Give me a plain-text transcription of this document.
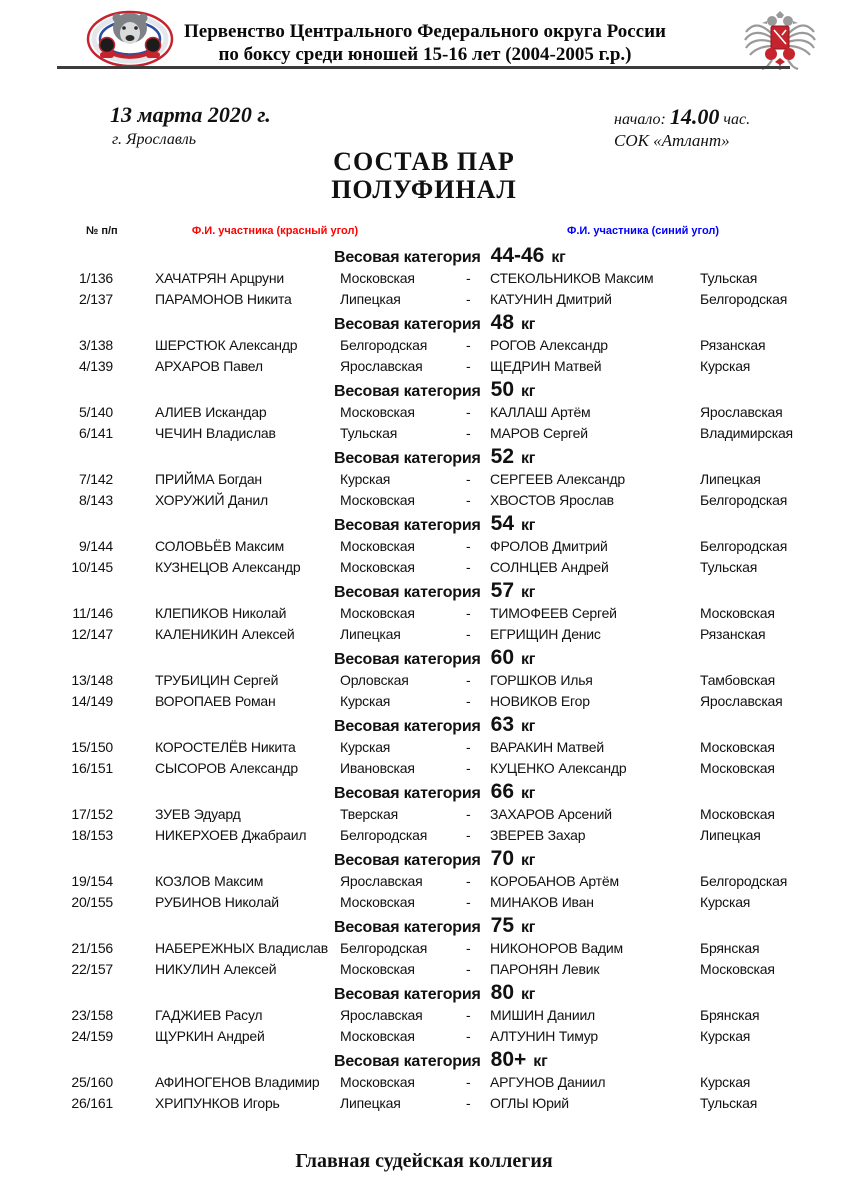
Первенство Центрального Федерального округа России
по боксу среди юношей 15-16 лет (2004-2005 г.р.)
13 марта 2020 г.
г. Ярославль
начало: 14.00 час.
СОК «Атлант»
СОСТАВ ПАР
ПОЛУФИНАЛ
№ п/п	Ф.И. участника (красный угол)	Ф.И. участника (синий угол)
Весовая категория 44-46 кг
1/136	ХАЧАТРЯН Арцруни	Московская	-	СТЕКОЛЬНИКОВ Максим	Тульская
2/137	ПАРАМОНОВ Никита	Липецкая	-	КАТУНИН Дмитрий	Белгородская
Весовая категория 48 кг
3/138	ШЕРСТЮК Александр	Белгородская	-	РОГОВ Александр	Рязанская
4/139	АРХАРОВ Павел	Ярославская	-	ЩЕДРИН Матвей	Курская
Весовая категория 50 кг
5/140	АЛИЕВ Искандар	Московская	-	КАЛЛАШ Артём	Ярославская
6/141	ЧЕЧИН Владислав	Тульская	-	МАРОВ Сергей	Владимирская
Весовая категория 52 кг
7/142	ПРИЙМА Богдан	Курская	-	СЕРГЕЕВ Александр	Липецкая
8/143	ХОРУЖИЙ Данил	Московская	-	ХВОСТОВ Ярослав	Белгородская
Весовая категория 54 кг
9/144	СОЛОВЬЁВ Максим	Московская	-	ФРОЛОВ Дмитрий	Белгородская
10/145	КУЗНЕЦОВ Александр	Московская	-	СОЛНЦЕВ Андрей	Тульская
Весовая категория 57 кг
11/146	КЛЕПИКОВ Николай	Московская	-	ТИМОФЕЕВ Сергей	Московская
12/147	КАЛЕНИКИН Алексей	Липецкая	-	ЕГРИЩИН Денис	Рязанская
Весовая категория 60 кг
13/148	ТРУБИЦИН Сергей	Орловская	-	ГОРШКОВ Илья	Тамбовская
14/149	ВОРОПАЕВ Роман	Курская	-	НОВИКОВ Егор	Ярославская
Весовая категория 63 кг
15/150	КОРОСТЕЛЁВ Никита	Курская	-	ВАРАКИН Матвей	Московская
16/151	СЫСОРОВ Александр	Ивановская	-	КУЦЕНКО Александр	Московская
Весовая категория 66 кг
17/152	ЗУЕВ Эдуард	Тверская	-	ЗАХАРОВ Арсений	Московская
18/153	НИКЕРХОЕВ Джабраил	Белгородская	-	ЗВЕРЕВ Захар	Липецкая
Весовая категория 70 кг
19/154	КОЗЛОВ Максим	Ярославская	-	КОРОБАНОВ Артём	Белгородская
20/155	РУБИНОВ Николай	Московская	-	МИНАКОВ Иван	Курская
Весовая категория 75 кг
21/156	НАБЕРЕЖНЫХ Владислав Белгородская	-	НИКОНОРОВ Вадим	Брянская
22/157	НИКУЛИН Алексей	Московская	-	ПАРОНЯН Левик	Московская
Весовая категория 80 кг
23/158	ГАДЖИЕВ Расул	Ярославская	-	МИШИН Даниил	Брянская
24/159	ЩУРКИН Андрей	Московская	-	АЛТУНИН Тимур	Курская
Весовая категория 80+ кг
25/160	АФИНОГЕНОВ Владимир	Московская	-	АРГУНОВ Даниил	Курская
26/161	ХРИПУНКОВ Игорь	Липецкая	-	ОГЛЫ Юрий	Тульская
Главная судейская коллегия
